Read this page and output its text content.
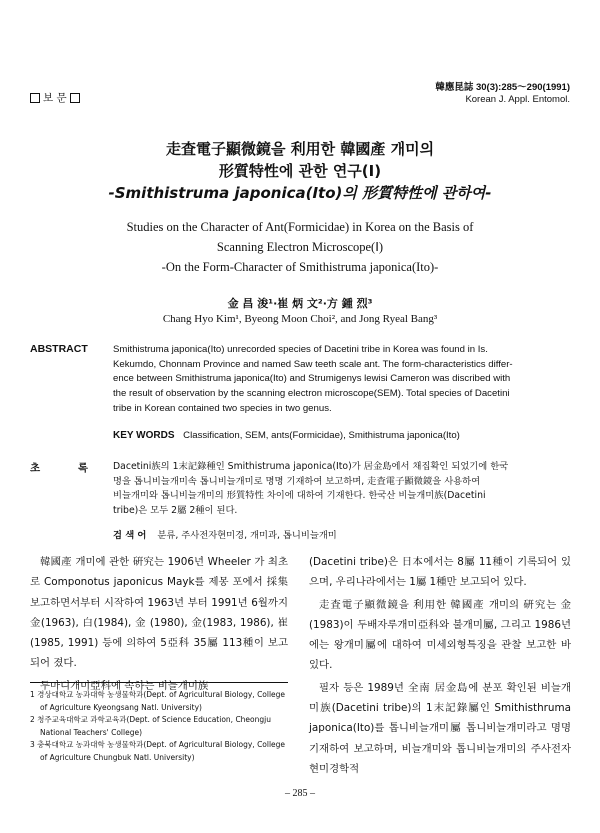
보 문
韓應昆誌 30(3):285～290(1991)
Korean J. Appl. Entomol.
走査電子顯微鏡을 利用한 韓國產 개미의
形質特性에 관한 연구(Ⅰ)
-Smithistruma japonica(Ito)의 形質特性에 관하여-
Studies on the Character of Ant(Formicidae) in Korea on the Basis of
Scanning Electron Microscope(Ⅰ)
-On the Form-Character of Smithistruma japonica(Ito)-
金 昌 浚¹·崔 炳 文²·方 鍾 烈³
Chang Hyo Kim¹, Byeong Moon Choi², and Jong Ryeal Bang³
ABSTRACT	Smithistruma japonica(Ito) unrecorded species of Dacetini tribe in Korea was found in Is.
Kekumdo, Chonnam Province and named Saw teeth scale ant. The form-characteristics differ-
ence between Smithistruma japonica(Ito) and Strumigenys lewisi Cameron was discribed with
the result of observation by the scanning electron microscope(SEM). Total species of Dacetini
tribe in Korean contained two species in two genus.
KEY WORDS Classification, SEM, ants(Formicidae), Smithistruma japonica(Ito)
초	록	Dacetini族의 1末記錄種인 Smithistruma japonica(Ito)가 居金島에서 채집확인 되었기에 한국
명을 톱니비늘개미속 톱니비늘개미로 명명 기재하여 보고하며, 走査電子顯微鏡을 사용하여
비늘개미와 톱니비늘개미의 形質特性 차이에 대하여 기재한다. 한국산 비늘개미族(Dacetini
tribe)은 모두 2屬 2種이 된다.
검 색 어 분류, 주사전자현미경, 개미과, 톱니비늘개미

韓國產 개미에 관한 硏究는 1906년 Wheeler 가 최초로 Componotus japonicus Mayk를 제몽 포에서 採集 보고하면서부터 시작하여 1963년 부터 1991년 6월까지 金(1963), 白(1984), 金 (1980), 金(1983, 1986), 崔(1985, 1991) 등에 의하여 5亞科 35屬 113種이 보고되어 졌다.

두마디개미亞科에 속하는 비늘개미族

(Dacetini tribe)은 日本에서는 8屬 11種이 기록되어 있으며, 우리나라에서는 1屬 1種만 보고되어 있다.

走査電子顯微鏡을 利用한 韓國產 개미의 硏究는 金(1983)이 두배자루개미亞科와 불개미屬, 그리고 1986년에는 왕개미屬에 대하여 미세외형특징을 관찰 보고한 바 있다.

필자 등은 1989년 全南 居金島에 분포 확인된 비늘개미族(Dacetini tribe)의 1末記錄屬인 Smithisthruma japonica(Ito)를 톱니비늘개미屬 톱니비늘개미라고 명명 기재하여 보고하며, 비늘개미와 톱니비늘개미의 주사전자현미경학적

1 경상대학교 농과대학 농생물학과(Dept. of Agricultural Biology, College of Agriculture Kyeongsang Natl. University)
2 청주교육대학교 과학교육과(Dept. of Science Education, Cheongju National Teachers' College)
3 충북대학교 농과대학 농생물학과(Dept. of Agricultural Biology, College of Agriculture Chungbuk Natl. University)
– 285 –
